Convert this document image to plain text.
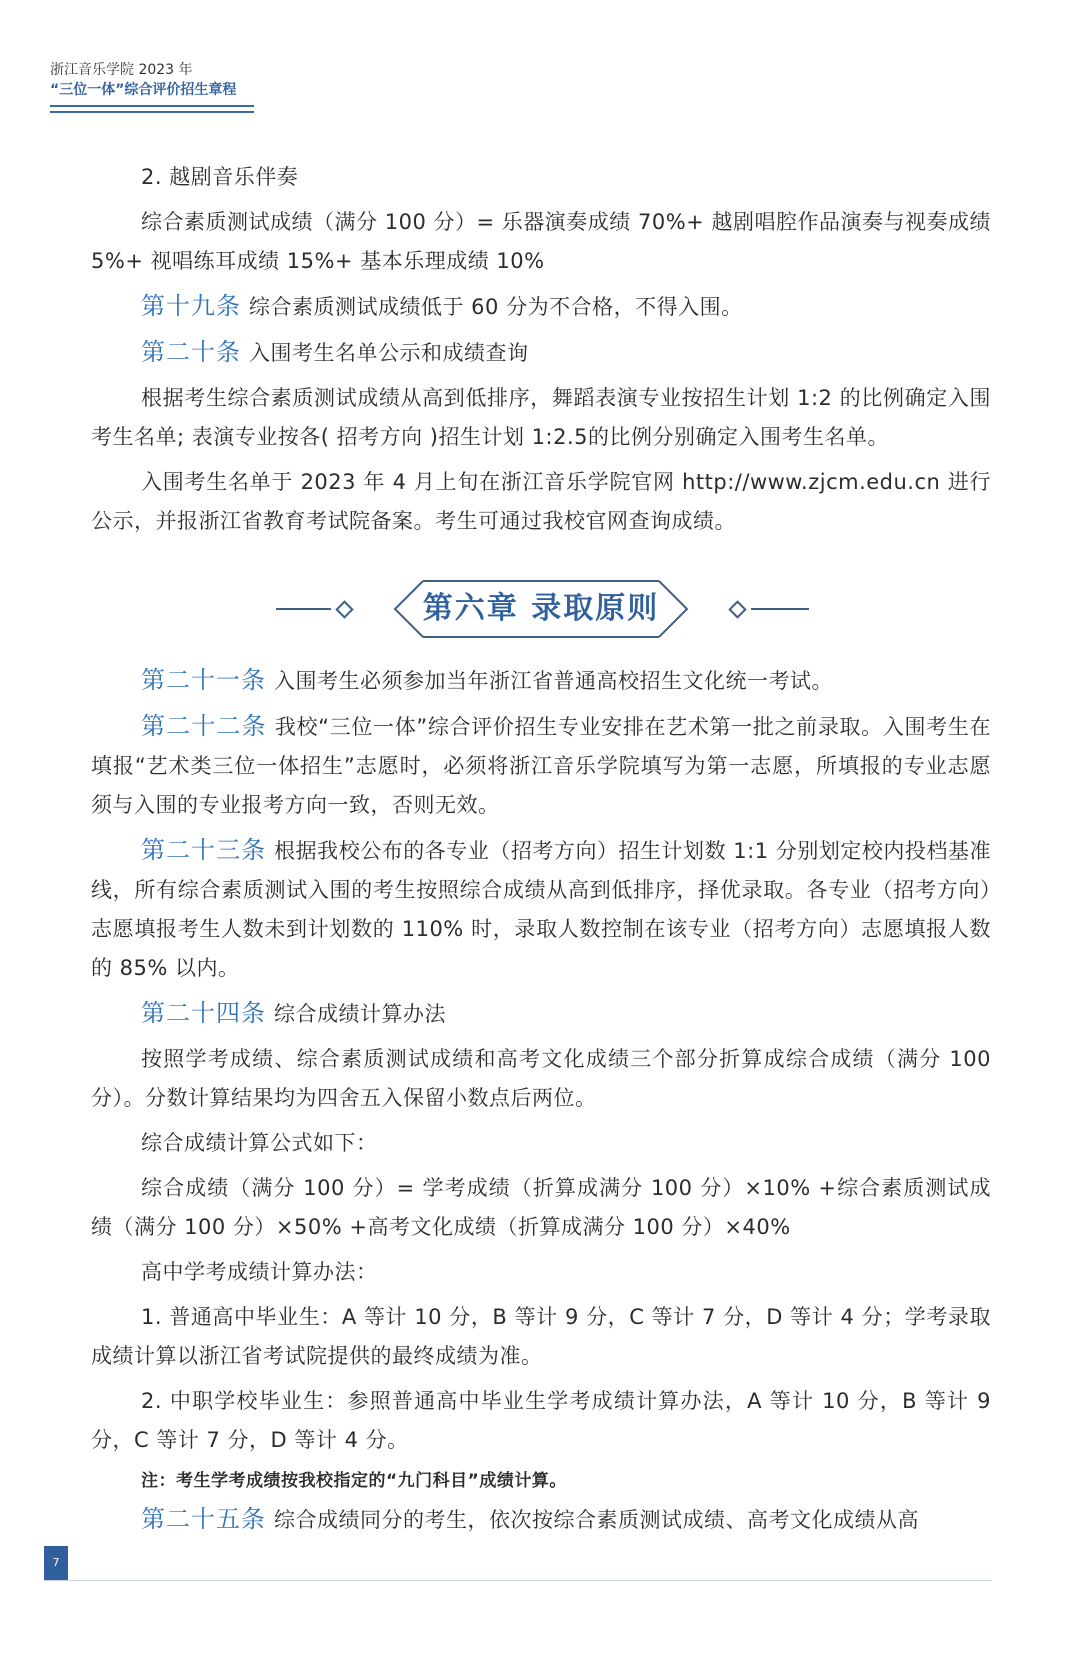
浙江音乐学院 2023 年
“三位一体”综合评价招生章程

2. 越剧音乐伴奏

综合素质测试成绩（满分 100 分）= 乐器演奏成绩 70%+ 越剧唱腔作品演奏与视奏成绩 5%+ 视唱练耳成绩 15%+ 基本乐理成绩 10%

第十九条 综合素质测试成绩低于 60 分为不合格，不得入围。

第二十条 入围考生名单公示和成绩查询

根据考生综合素质测试成绩从高到低排序，舞蹈表演专业按招生计划 1:2 的比例确定入围考生名单; 表演专业按各( 招考方向 )招生计划 1:2.5的比例分别确定入围考生名单。

入围考生名单于 2023 年 4 月上旬在浙江音乐学院官网 http://www.zjcm.edu.cn 进行公示，并报浙江省教育考试院备案。考生可通过我校官网查询成绩。

第六章 录取原则

第二十一条 入围考生必须参加当年浙江省普通高校招生文化统一考试。

第二十二条 我校“三位一体”综合评价招生专业安排在艺术第一批之前录取。入围考生在填报“艺术类三位一体招生”志愿时，必须将浙江音乐学院填写为第一志愿，所填报的专业志愿须与入围的专业报考方向一致，否则无效。

第二十三条 根据我校公布的各专业（招考方向）招生计划数 1:1 分别划定校内投档基准线，所有综合素质测试入围的考生按照综合成绩从高到低排序，择优录取。各专业（招考方向）志愿填报考生人数未到计划数的 110% 时，录取人数控制在该专业（招考方向）志愿填报人数的 85% 以内。

第二十四条 综合成绩计算办法

按照学考成绩、综合素质测试成绩和高考文化成绩三个部分折算成综合成绩（满分 100 分）。分数计算结果均为四舍五入保留小数点后两位。

综合成绩计算公式如下：

综合成绩（满分 100 分）= 学考成绩（折算成满分 100 分）×10% +综合素质测试成绩（满分 100 分）×50% +高考文化成绩（折算成满分 100 分）×40%

高中学考成绩计算办法：

1. 普通高中毕业生：A 等计 10 分，B 等计 9 分，C 等计 7 分，D 等计 4 分；学考录取成绩计算以浙江省考试院提供的最终成绩为准。

2. 中职学校毕业生：参照普通高中毕业生学考成绩计算办法，A 等计 10 分，B 等计 9 分，C 等计 7 分，D 等计 4 分。

注：考生学考成绩按我校指定的“九门科目”成绩计算。

第二十五条 综合成绩同分的考生，依次按综合素质测试成绩、高考文化成绩从高

7
